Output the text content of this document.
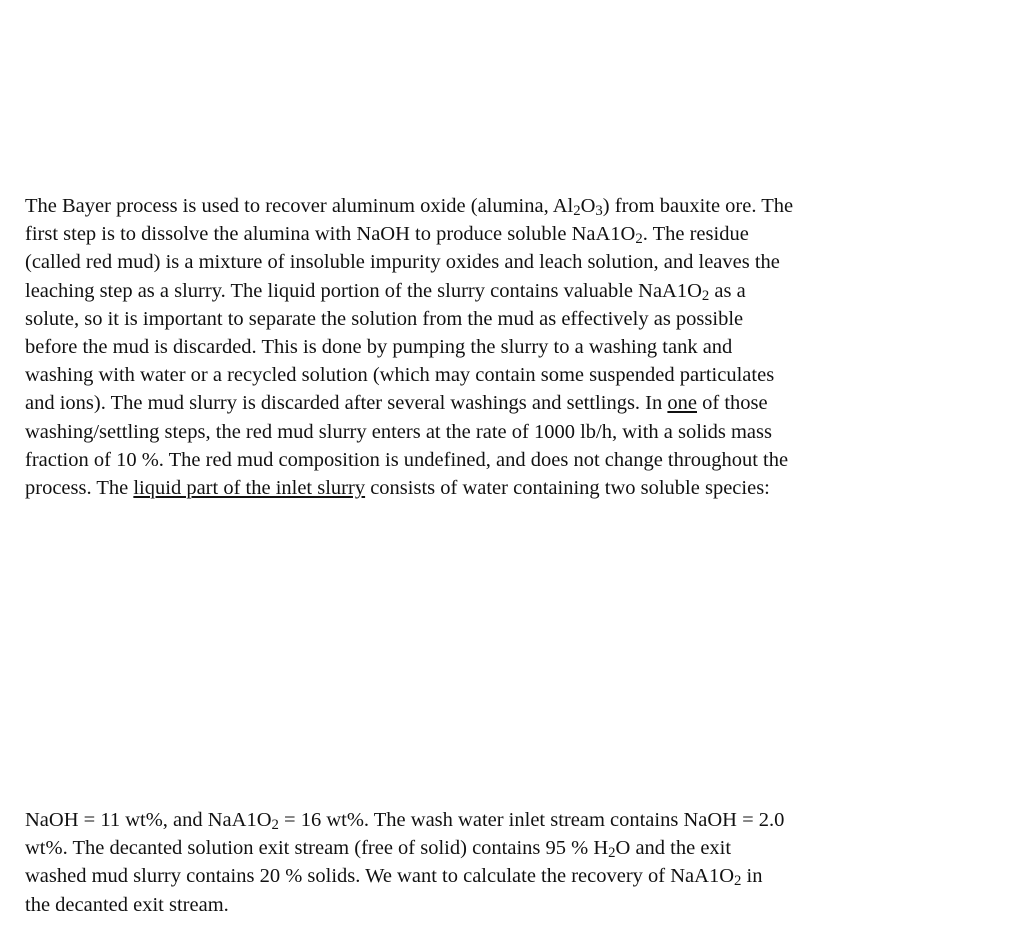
The Bayer process is used to recover aluminum oxide (alumina, $Al_2O_3$) from bauxite ore. The
first step is to dissolve the alumina with NaOH to produce soluble $NaA1O_2$. The residue
(called red mud) is a mixture of insoluble impurity oxides and leach solution, and leaves the
leaching step as a slurry. The liquid portion of the slurry contains valuable $NaA1O_2$ as a
solute, so it is important to separate the solution from the mud as effectively as possible
before the mud is discarded. This is done by pumping the slurry to a washing tank and
washing with water or a recycled solution (which may contain some suspended particulates
and ions). The mud slurry is discarded after several washings and settlings. In one of those
washing/settling steps, the red mud slurry enters at the rate of 1000 lb/h, with a solids mass
fraction of 10 %. The red mud composition is undefined, and does not change throughout the
process. The liquid part of the inlet slurry consists of water containing two soluble species:
NaOH = 11 wt%, and $NaA1O_2 = 16$ wt%. The wash water inlet stream contains NaOH = 2.0
wt%. The decanted solution exit stream (free of solid) contains 95 % $H_2O$ and the exit
washed mud slurry contains 20 % solids. We want to calculate the recovery of $NaA1O_2$ in
the decanted exit stream.
